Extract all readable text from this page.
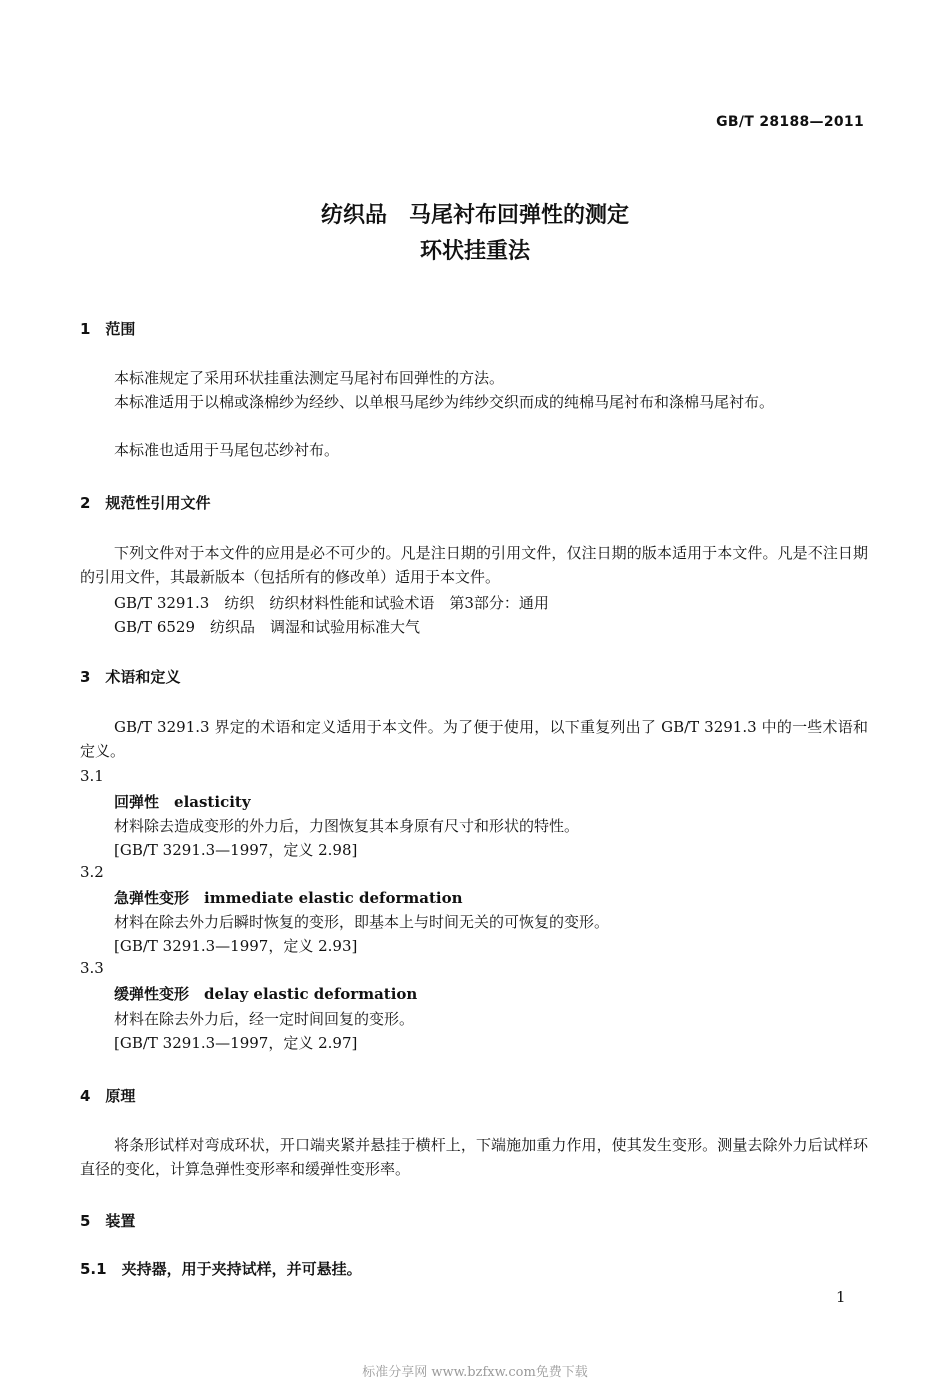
GB/T 28188—2011
纺织品　马尾衬布回弹性的测定
环状挂重法
1　范围
本标准规定了采用环状挂重法测定马尾衬布回弹性的方法。
本标准适用于以棉或涤棉纱为经纱、以单根马尾纱为纬纱交织而成的纯棉马尾衬布和涤棉马尾衬布。
本标准也适用于马尾包芯纱衬布。
2　规范性引用文件
下列文件对于本文件的应用是必不可少的。凡是注日期的引用文件，仅注日期的版本适用于本文件。凡是不注日期的引用文件，其最新版本（包括所有的修改单）适用于本文件。
GB/T 3291.3　纺织　纺织材料性能和试验术语　第3部分：通用
GB/T 6529　纺织品　调湿和试验用标准大气
3　术语和定义
GB/T 3291.3 界定的术语和定义适用于本文件。为了便于使用，以下重复列出了 GB/T 3291.3 中的一些术语和定义。
3.1
回弹性　 elasticity
材料除去造成变形的外力后，力图恢复其本身原有尺寸和形状的特性。
[GB/T 3291.3—1997，定义 2.98]
3.2
急弹性变形　 immediate elastic deformation
材料在除去外力后瞬时恢复的变形，即基本上与时间无关的可恢复的变形。
[GB/T 3291.3—1997，定义 2.93]
3.3
缓弹性变形　 delay elastic deformation
材料在除去外力后，经一定时间回复的变形。
[GB/T 3291.3—1997，定义 2.97]
4　原理
将条形试样对弯成环状，开口端夹紧并悬挂于横杆上，下端施加重力作用，使其发生变形。测量去除外力后试样环直径的变化，计算急弹性变形率和缓弹性变形率。
5　装置
5.1　夹持器，用于夹持试样，并可悬挂。
1
标准分享网 www.bzfxw.com免费下载
